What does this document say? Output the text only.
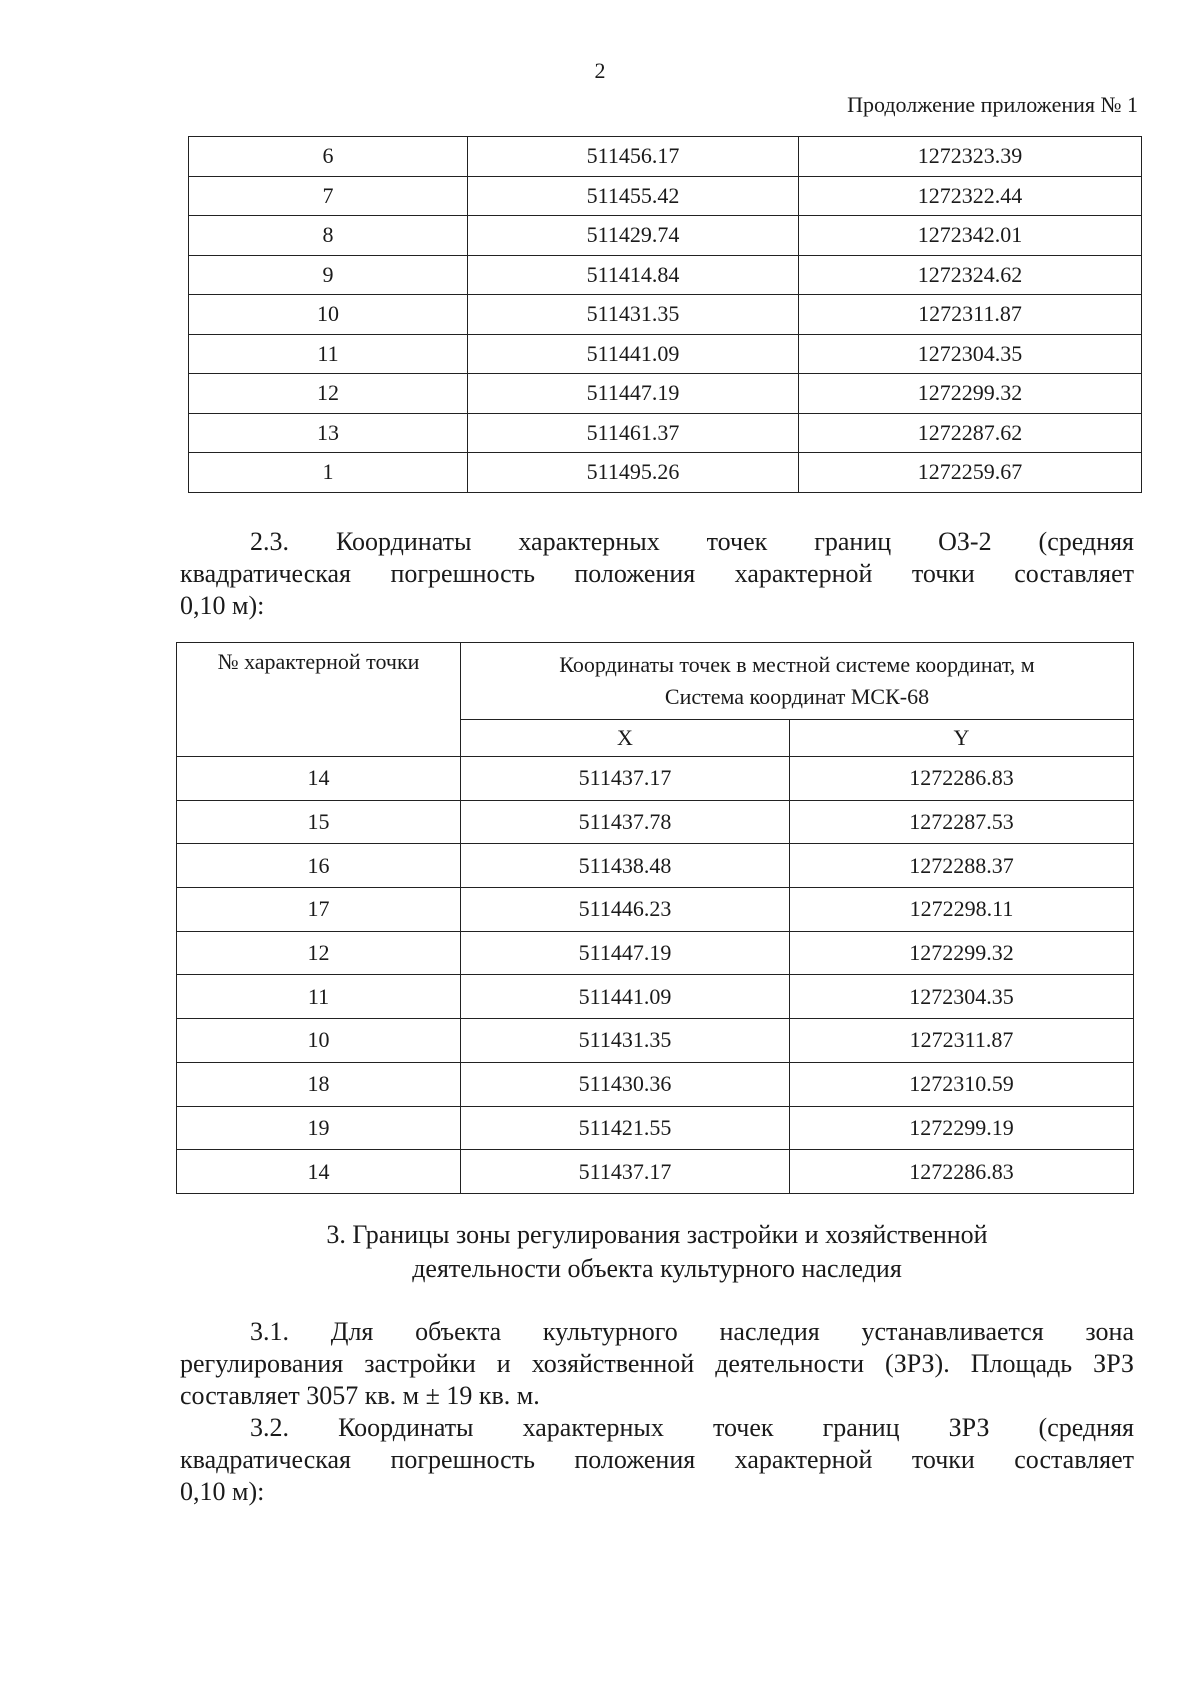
2
Продолжение приложения № 1
6	511456.17	1272323.39
7	511455.42	1272322.44
8	511429.74	1272342.01
9	511414.84	1272324.62
10	511431.35	1272311.87
11	511441.09	1272304.35
12	511447.19	1272299.32
13	511461.37	1272287.62
1	511495.26	1272259.67

2.3. Координаты характерных точек границ ОЗ-2 (средняя
квадратическая погрешность положения характерной точки составляет
0,10 м):

№ характерной точки	Координаты точек в местной системе координат, м
Система координат МСК-68	

	X	Y
14	511437.17	1272286.83
15	511437.78	1272287.53
16	511438.48	1272288.37
17	511446.23	1272298.11
12	511447.19	1272299.32
11	511441.09	1272304.35
10	511431.35	1272311.87
18	511430.36	1272310.59
19	511421.55	1272299.19
14	511437.17	1272286.83
3. Границы зоны регулирования застройки и хозяйственной
деятельности объекта культурного наследия

3.1. Для объекта культурного наследия устанавливается зона
регулирования застройки и хозяйственной деятельности (ЗРЗ). Площадь ЗРЗ
составляет 3057 кв. м ± 19 кв. м.

3.2. Координаты характерных точек границ ЗРЗ (средняя
квадратическая погрешность положения характерной точки составляет
0,10 м):
